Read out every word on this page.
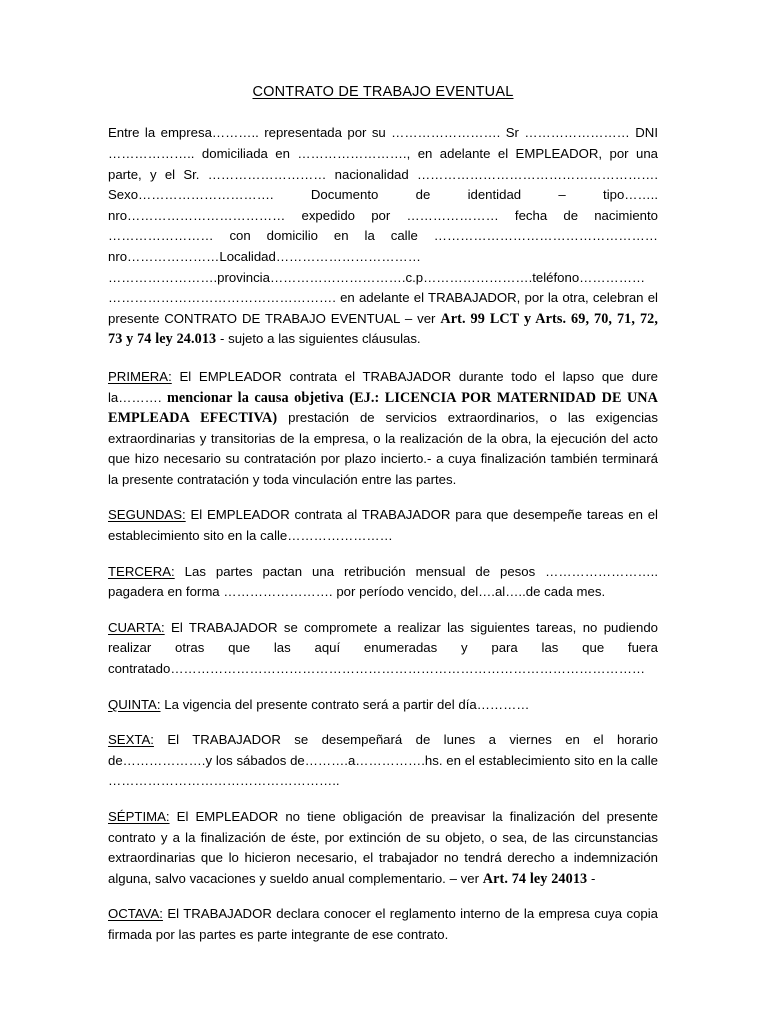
CONTRATO DE TRABAJO EVENTUAL

Entre la empresa……….. representada por su ……………………. Sr …………………… DNI ……………….. domiciliada en ……………………., en adelante el EMPLEADOR, por una parte, y el Sr. ……………………… nacionalidad ………………………………………………. Sexo…………………………. Documento de identidad – tipo…….. nro……………………………… expedido por ………………… fecha de nacimiento …………………… con domicilio en la calle ……………………………………………nro…………………Localidad…………………………… …………………….provincia………………………….c.p…………………….teléfono…………… ……………………………………………. en adelante el TRABAJADOR, por la otra, celebran el presente CONTRATO DE TRABAJO EVENTUAL – ver Art. 99 LCT y Arts. 69, 70, 71, 72, 73 y 74 ley 24.013 - sujeto a las siguientes cláusulas.

PRIMERA: El EMPLEADOR contrata el TRABAJADOR durante todo el lapso que dure la………. mencionar la causa objetiva (EJ.: LICENCIA POR MATERNIDAD DE UNA EMPLEADA EFECTIVA) prestación de servicios extraordinarios, o las exigencias extraordinarias y transitorias de la empresa, o la realización de la obra, la ejecución del acto que hizo necesario su contratación por plazo incierto.- a cuya finalización también terminará la presente contratación y toda vinculación entre las partes.

SEGUNDAS: El EMPLEADOR contrata al TRABAJADOR para que desempeñe tareas en el establecimiento sito en la calle……………………

TERCERA: Las partes pactan una retribución mensual de pesos …………………….. pagadera en forma ……………………. por período vencido, del….al…..de cada mes.

CUARTA: El TRABAJADOR se compromete a realizar las siguientes tareas, no pudiendo realizar otras que las aquí enumeradas y para las que fuera contratado………………………………………………………………………………………………

QUINTA: La vigencia del presente contrato será a partir del día…………

SEXTA: El TRABAJADOR se desempeñará de lunes a viernes en el horario de……………….y los sábados de……….a…………….hs. en el establecimiento sito en la calle ……………………………………………..

SÉPTIMA: El EMPLEADOR no tiene obligación de preavisar la finalización del presente contrato y a la finalización de éste, por extinción de su objeto, o sea, de las circunstancias extraordinarias que lo hicieron necesario, el trabajador no tendrá derecho a indemnización alguna, salvo vacaciones y sueldo anual complementario. – ver Art. 74 ley 24013 -

OCTAVA: El TRABAJADOR declara conocer el reglamento interno de la empresa cuya copia firmada por las partes es parte integrante de ese contrato.
